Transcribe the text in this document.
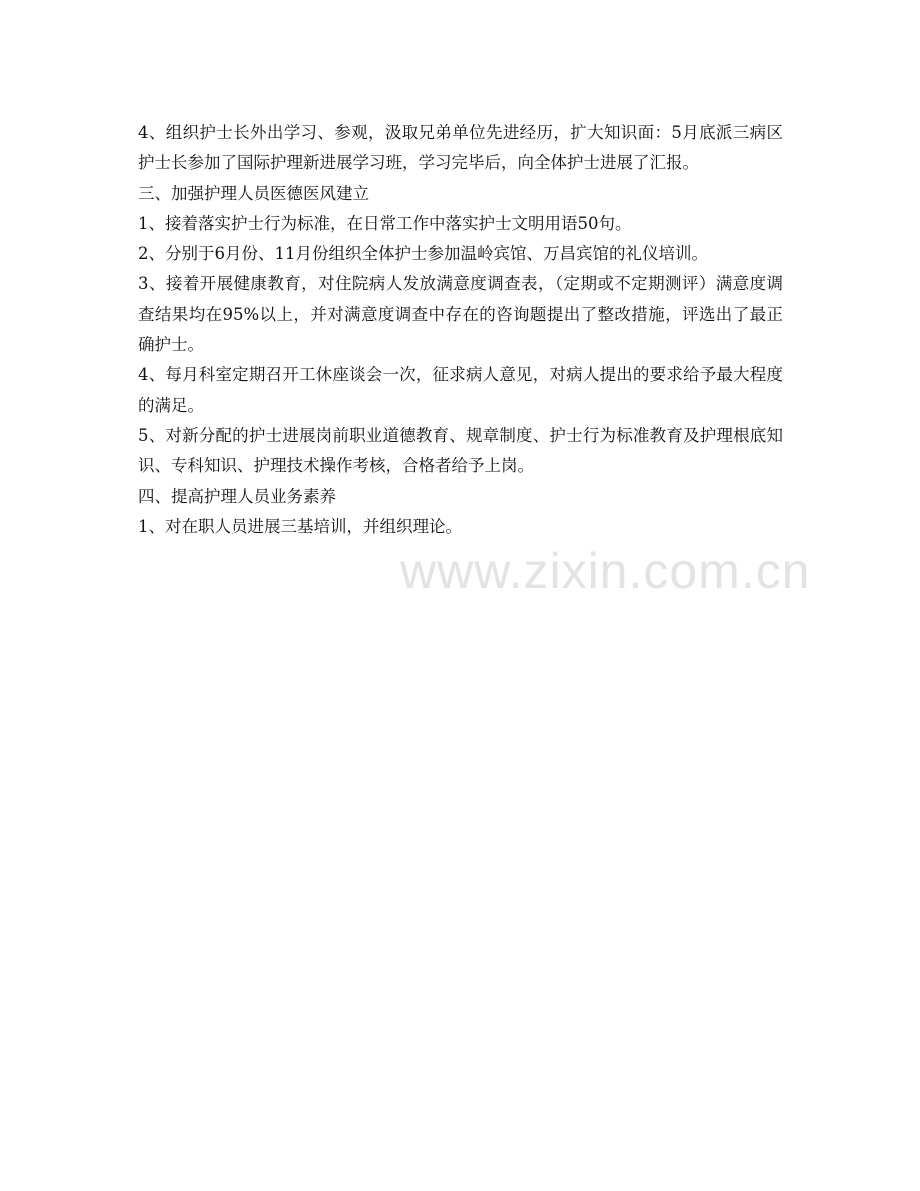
4、组织护士长外出学习、参观，汲取兄弟单位先进经历，扩大知识面：5月底派三病区护士长参加了国际护理新进展学习班，学习完毕后，向全体护士进展了汇报。

三、加强护理人员医德医风建立

1、接着落实护士行为标准，在日常工作中落实护士文明用语50句。

2、分别于6月份、11月份组织全体护士参加温岭宾馆、万昌宾馆的礼仪培训。

3、接着开展健康教育，对住院病人发放满意度调查表，（定期或不定期测评）满意度调查结果均在95%以上，并对满意度调查中存在的咨询题提出了整改措施，评选出了最正确护士。

4、每月科室定期召开工休座谈会一次，征求病人意见，对病人提出的要求给予最大程度的满足。

5、对新分配的护士进展岗前职业道德教育、规章制度、护士行为标准教育及护理根底知识、专科知识、护理技术操作考核，合格者给予上岗。

四、提高护理人员业务素养

1、对在职人员进展三基培训，并组织理论。

www.zixin.com.cn
